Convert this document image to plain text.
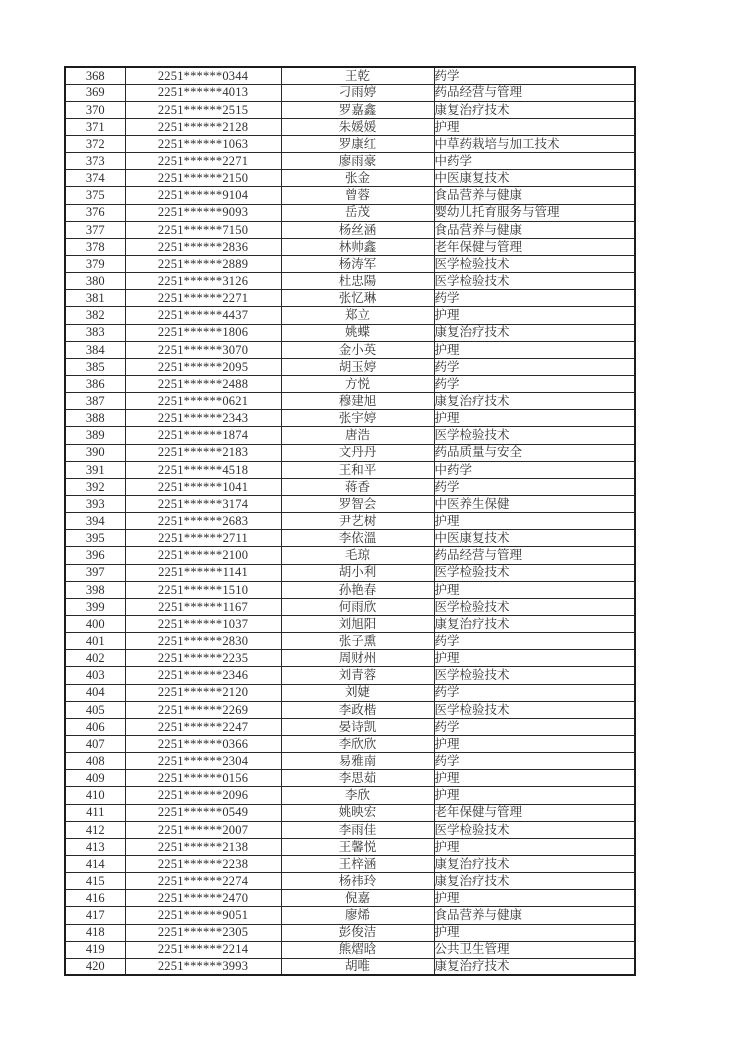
368	2251******0344	王乾	药学
369	2251******4013	刁雨婷	药品经营与管理
370	2251******2515	罗嘉鑫	康复治疗技术
371	2251******2128	朱媛媛	护理
372	2251******1063	罗康红	中草药栽培与加工技术
373	2251******2271	廖雨豪	中药学
374	2251******2150	张金	中医康复技术
375	2251******9104	曾蓉	食品营养与健康
376	2251******9093	岳茂	婴幼儿托育服务与管理
377	2251******7150	杨丝涵	食品营养与健康
378	2251******2836	林帅鑫	老年保健与管理
379	2251******2889	杨涛军	医学检验技术
380	2251******3126	杜忠陽	医学检验技术
381	2251******2271	张忆琳	药学
382	2251******4437	郑立	护理
383	2251******1806	姚蝶	康复治疗技术
384	2251******3070	金小英	护理
385	2251******2095	胡玉婷	药学
386	2251******2488	方悦	药学
387	2251******0621	穆建旭	康复治疗技术
388	2251******2343	张宇婷	护理
389	2251******1874	唐浩	医学检验技术
390	2251******2183	文丹丹	药品质量与安全
391	2251******4518	王和平	中药学
392	2251******1041	蒋香	药学
393	2251******3174	罗智会	中医养生保健
394	2251******2683	尹艺树	护理
395	2251******2711	李依溫	中医康复技术
396	2251******2100	毛琼	药品经营与管理
397	2251******1141	胡小利	医学检验技术
398	2251******1510	孙艳春	护理
399	2251******1167	何雨欣	医学检验技术
400	2251******1037	刘旭阳	康复治疗技术
401	2251******2830	张子熏	药学
402	2251******2235	周财州	护理
403	2251******2346	刘青蓉	医学检验技术
404	2251******2120	刘婕	药学
405	2251******2269	李政楷	医学检验技术
406	2251******2247	晏诗凯	药学
407	2251******0366	李欣欣	护理
408	2251******2304	易雅南	药学
409	2251******0156	李思茹	护理
410	2251******2096	李欣	护理
411	2251******0549	姚映宏	老年保健与管理
412	2251******2007	李雨佳	医学检验技术
413	2251******2138	王馨悦	护理
414	2251******2238	王梓涵	康复治疗技术
415	2251******2274	杨祎玲	康复治疗技术
416	2251******2470	倪嘉	护理
417	2251******9051	廖烯	食品营养与健康
418	2251******2305	彭俊洁	护理
419	2251******2214	熊熠晗	公共卫生管理
420	2251******3993	胡唯	康复治疗技术
